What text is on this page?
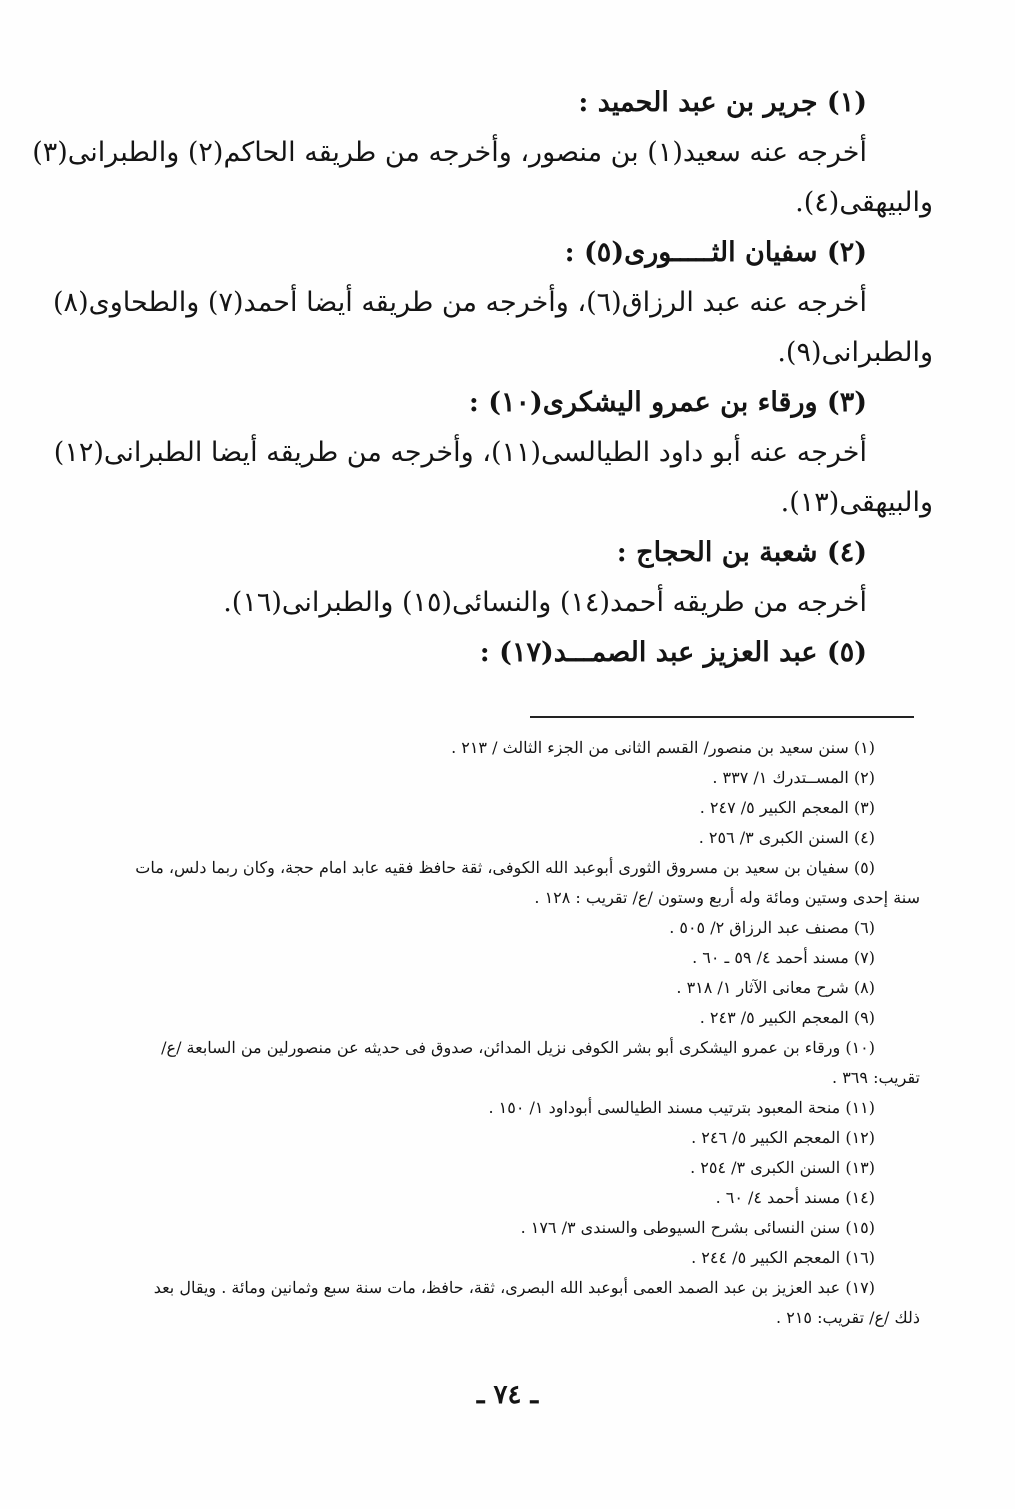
(١) جرير بن عبد الحميد :
أخرجه عنه سعيد(١) بن منصور، وأخرجه من طريقه الحاكم(٢) والطبرانى(٣)
والبيهقى(٤).
(٢) سفيان الثـــــورى(٥) :
أخرجه عنه عبد الرزاق(٦)، وأخرجه من طريقه أيضا أحمد(٧) والطحاوى(٨)
والطبرانى(٩).
(٣) ورقاء بن عمرو اليشكرى(١٠) :
أخرجه عنه أبو داود الطيالسى(١١)، وأخرجه من طريقه أيضا الطبرانى(١٢)
والبيهقى(١٣).
(٤) شعبة بن الحجاج :
أخرجه من طريقه أحمد(١٤) والنسائى(١٥) والطبرانى(١٦).
(٥) عبد العزيز عبد الصمـــد(١٧) :
(١) سنن سعيد بن منصور/ القسم الثانى من الجزء الثالث / ٢١٣ .
(٢) المســتدرك ١/ ٣٣٧ .
(٣) المعجم الكبير ٥/ ٢٤٧ .
(٤) السنن الكبرى ٣/ ٢٥٦ .
(٥) سفيان بن سعيد بن مسروق الثورى أبوعبد الله الكوفى، ثقة حافظ فقيه عابد امام حجة، وكان ربما دلس، مات
سنة إحدى وستين ومائة وله أربع وستون /ع/ تقريب : ١٢٨ .
(٦) مصنف عبد الرزاق ٢/ ٥٠٥ .
(٧) مسند أحمد ٤/ ٥٩ ـ ٦٠ .
(٨) شرح معانى الآثار ١/ ٣١٨ .
(٩) المعجم الكبير ٥/ ٢٤٣ .
(١٠) ورقاء بن عمرو اليشكرى أبو بشر الكوفى نزيل المدائن، صدوق فى حديثه عن منصورلين من السابعة /ع/
تقريب: ٣٦٩ .
(١١) منحة المعبود بترتيب مسند الطيالسى أبوداود ١/ ١٥٠ .
(١٢) المعجم الكبير ٥/ ٢٤٦ .
(١٣) السنن الكبرى ٣/ ٢٥٤ .
(١٤) مسند أحمد ٤/ ٦٠ .
(١٥) سنن النسائى بشرح السيوطى والسندى ٣/ ١٧٦ .
(١٦) المعجم الكبير ٥/ ٢٤٤ .
(١٧) عبد العزيز بن عبد الصمد العمى أبوعبد الله البصرى، ثقة، حافظ، مات سنة سبع وثمانين ومائة . ويقال بعد
ذلك /ع/ تقريب: ٢١٥ .
ـ ٧٤ ـ
